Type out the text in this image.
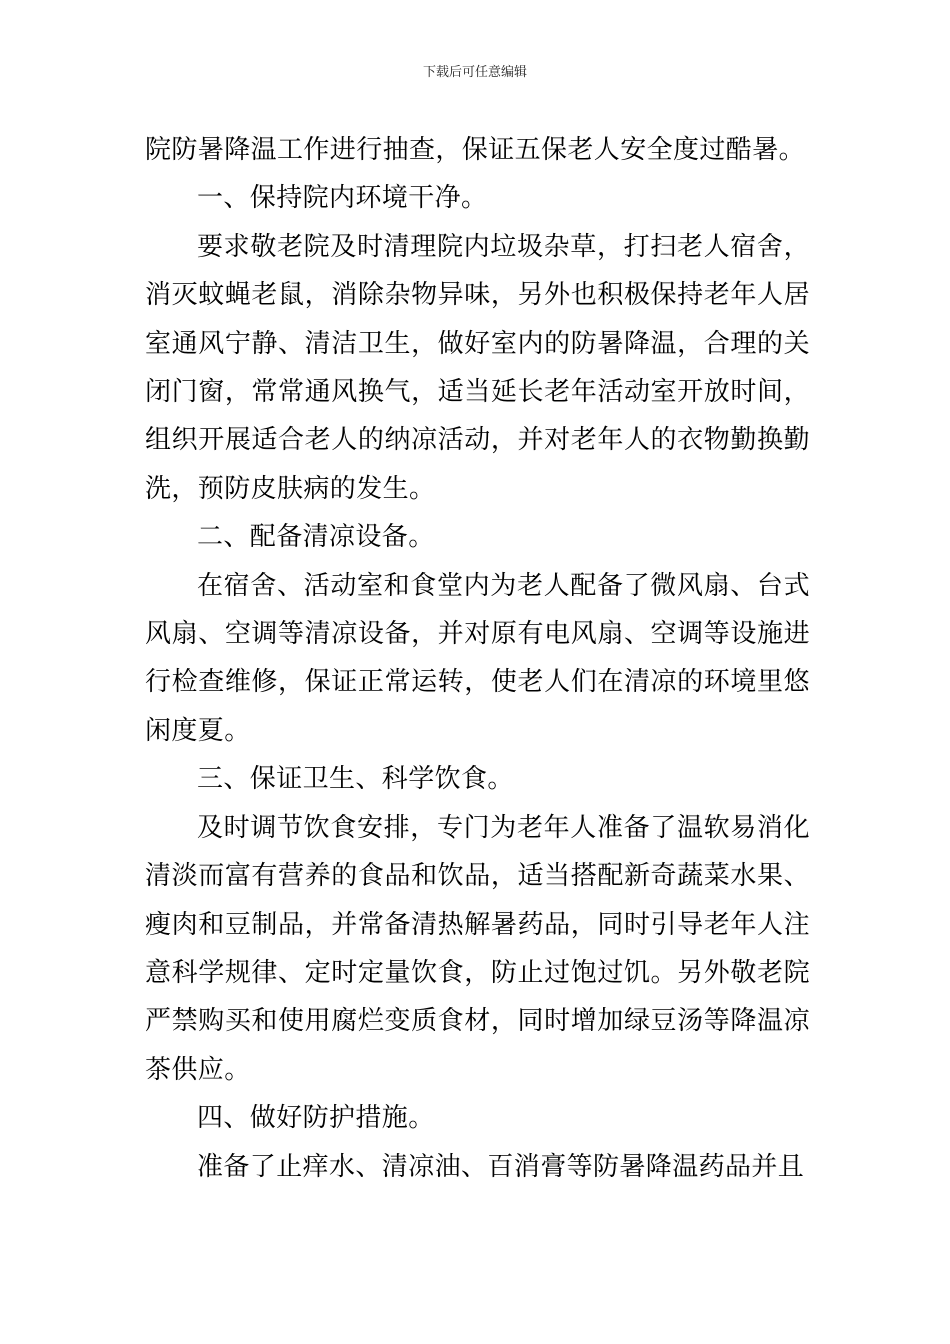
下载后可任意编辑

院防暑降温工作进行抽查，保证五保老人安全度过酷暑。

一、保持院内环境干净。

要求敬老院及时清理院内垃圾杂草，打扫老人宿舍，消灭蚊蝇老鼠，消除杂物异味，另外也积极保持老年人居室通风宁静、清洁卫生，做好室内的防暑降温，合理的关闭门窗，常常通风换气，适当延长老年活动室开放时间，组织开展适合老人的纳凉活动，并对老年人的衣物勤换勤洗，预防皮肤病的发生。

二、配备清凉设备。

在宿舍、活动室和食堂内为老人配备了微风扇、台式风扇、空调等清凉设备，并对原有电风扇、空调等设施进行检查维修，保证正常运转，使老人们在清凉的环境里悠闲度夏。

三、保证卫生、科学饮食。

及时调节饮食安排，专门为老年人准备了温软易消化清淡而富有营养的食品和饮品，适当搭配新奇蔬菜水果、瘦肉和豆制品，并常备清热解暑药品，同时引导老年人注意科学规律、定时定量饮食，防止过饱过饥。另外敬老院严禁购买和使用腐烂变质食材，同时增加绿豆汤等降温凉茶供应。

四、做好防护措施。

准备了止痒水、清凉油、百消膏等防暑降温药品并且
